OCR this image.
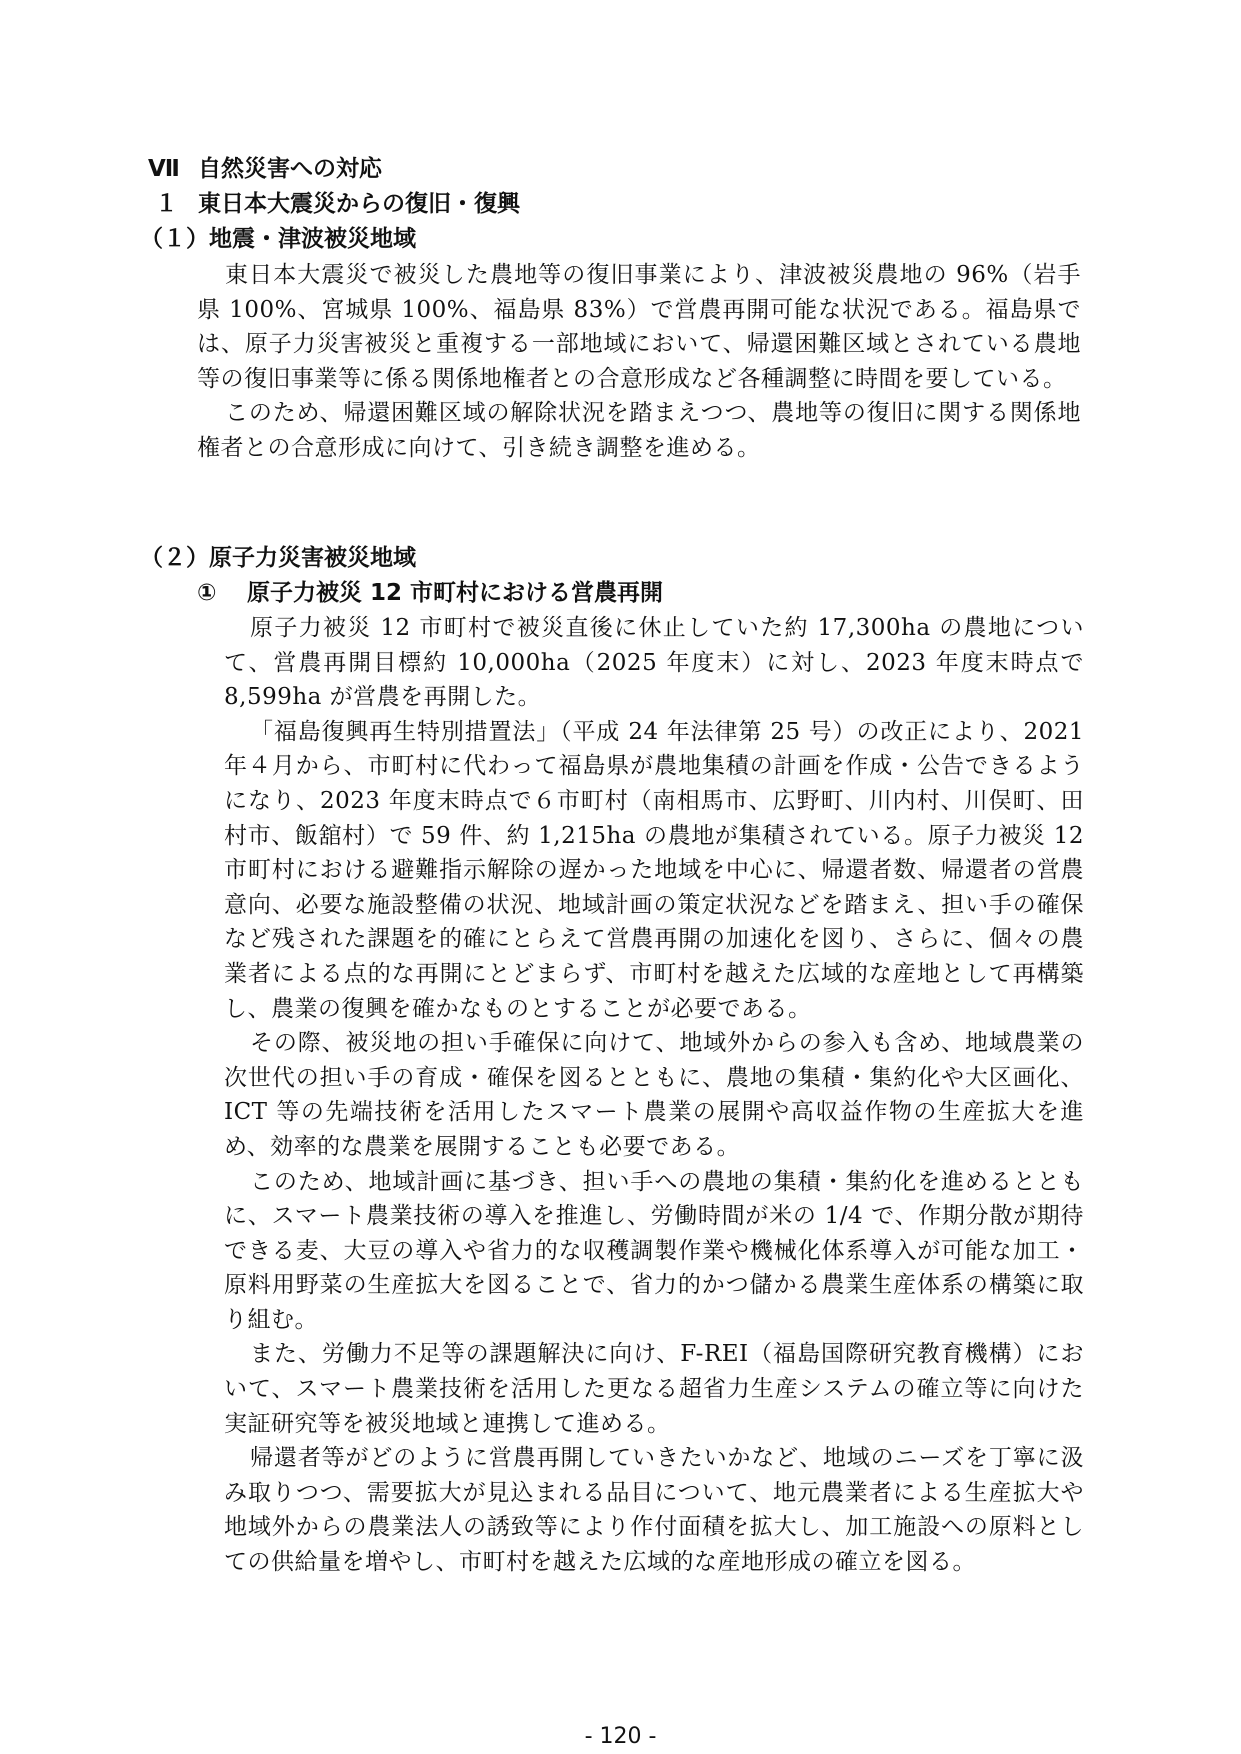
Ⅶ 自然災害への対応
１ 東日本大震災からの復旧・復興
（１）地震・津波被災地域

東日本大震災で被災した農地等の復旧事業により、津波被災農地の 96%（岩手県 100%、宮城県 100%、福島県 83%）で営農再開可能な状況である。福島県では、原子力災害被災と重複する一部地域において、帰還困難区域とされている農地等の復旧事業等に係る関係地権者との合意形成など各種調整に時間を要している。

このため、帰還困難区域の解除状況を踏まえつつ、農地等の復旧に関する関係地権者との合意形成に向けて、引き続き調整を進める。

（２）原子力災害被災地域
① 原子力被災 12 市町村における営農再開

原子力被災 12 市町村で被災直後に休止していた約 17,300ha の農地について、営農再開目標約 10,000ha（2025 年度末）に対し、2023 年度末時点で 8,599ha が営農を再開した。

「福島復興再生特別措置法」（平成 24 年法律第 25 号）の改正により、2021 年４月から、市町村に代わって福島県が農地集積の計画を作成・公告できるようになり、2023 年度末時点で６市町村（南相馬市、広野町、川内村、川俣町、田村市、飯舘村）で 59 件、約 1,215ha の農地が集積されている。原子力被災 12 市町村における避難指示解除の遅かった地域を中心に、帰還者数、帰還者の営農意向、必要な施設整備の状況、地域計画の策定状況などを踏まえ、担い手の確保など残された課題を的確にとらえて営農再開の加速化を図り、さらに、個々の農業者による点的な再開にとどまらず、市町村を越えた広域的な産地として再構築し、農業の復興を確かなものとすることが必要である。

その際、被災地の担い手確保に向けて、地域外からの参入も含め、地域農業の次世代の担い手の育成・確保を図るとともに、農地の集積・集約化や大区画化、ICT 等の先端技術を活用したスマート農業の展開や高収益作物の生産拡大を進め、効率的な農業を展開することも必要である。

このため、地域計画に基づき、担い手への農地の集積・集約化を進めるとともに、スマート農業技術の導入を推進し、労働時間が米の 1/4 で、作期分散が期待できる麦、大豆の導入や省力的な収穫調製作業や機械化体系導入が可能な加工・原料用野菜の生産拡大を図ることで、省力的かつ儲かる農業生産体系の構築に取り組む。

また、労働力不足等の課題解決に向け、F-REI（福島国際研究教育機構）において、スマート農業技術を活用した更なる超省力生産システムの確立等に向けた実証研究等を被災地域と連携して進める。

帰還者等がどのように営農再開していきたいかなど、地域のニーズを丁寧に汲み取りつつ、需要拡大が見込まれる品目について、地元農業者による生産拡大や地域外からの農業法人の誘致等により作付面積を拡大し、加工施設への原料としての供給量を増やし、市町村を越えた広域的な産地形成の確立を図る。

- 120 -
